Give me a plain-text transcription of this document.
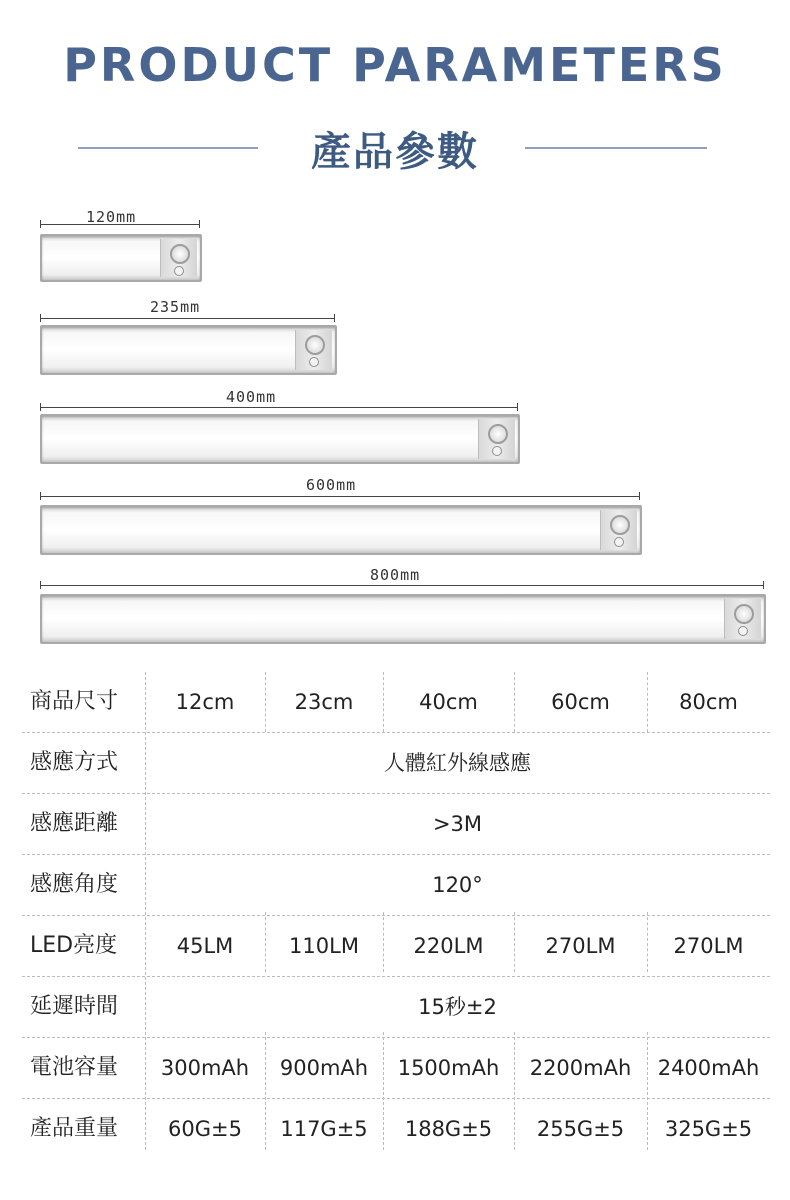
PRODUCT PARAMETERS
產品參數
120mm
235mm
400mm
600mm
800mm
商品尺寸	12cm	23cm	40cm	60cm	80cm
感應方式	人體紅外線感應
感應距離	>3M
感應角度	120°
LED亮度	45LM	110LM	220LM	270LM	270LM
延遲時間	15秒±2
電池容量	300mAh	900mAh	1500mAh	2200mAh	2400mAh
產品重量	60G±5	117G±5	188G±5	255G±5	325G±5
